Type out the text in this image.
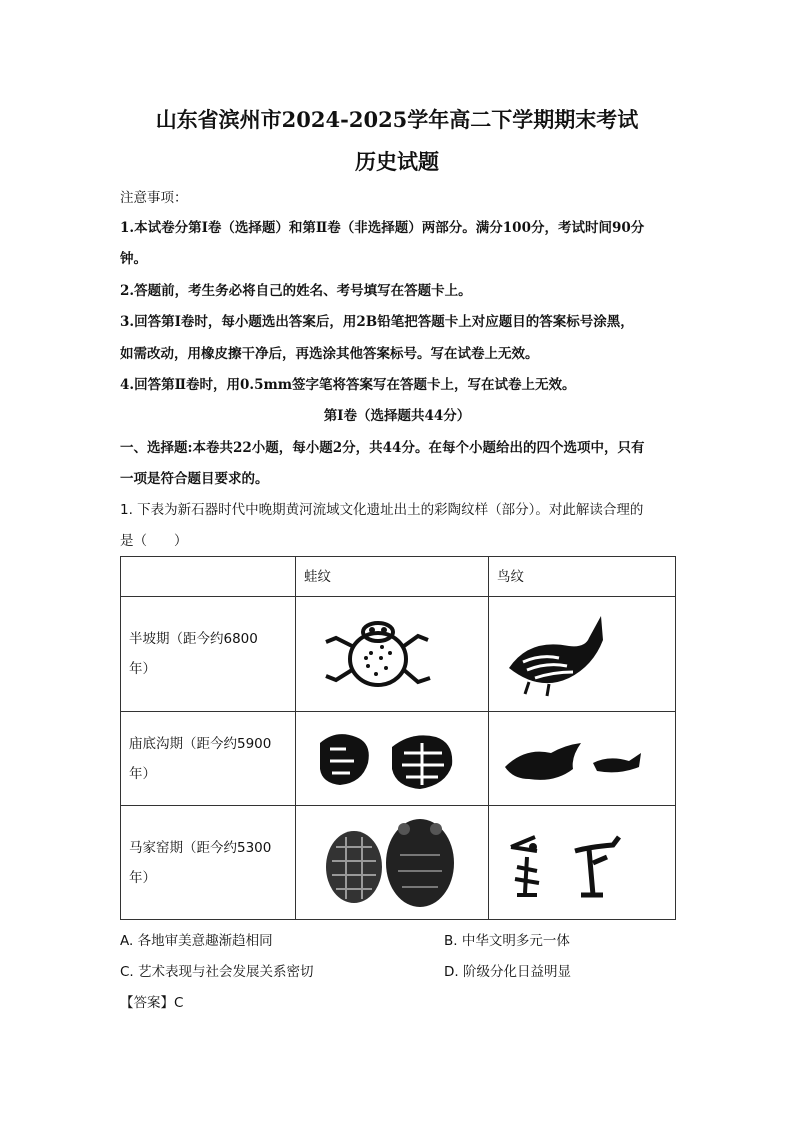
山东省滨州市2024-2025学年高二下学期期末考试
历史试题
注意事项：
1.本试卷分第Ⅰ卷（选择题）和第Ⅱ卷（非选择题）两部分。满分100分，考试时间90分
钟。
2.答题前，考生务必将自己的姓名、考号填写在答题卡上。
3.回答第Ⅰ卷时，每小题选出答案后，用2B铅笔把答题卡上对应题目的答案标号涂黑，
如需改动，用橡皮擦干净后，再选涂其他答案标号。写在试卷上无效。
4.回答第Ⅱ卷时，用0.5mm签字笔将答案写在答题卡上，写在试卷上无效。
第Ⅰ卷（选择题共44分）
一、选择题:本卷共22小题，每小题2分，共44分。在每个小题给出的四个选项中，只有
一项是符合题目要求的。
1. 下表为新石器时代中晚期黄河流域文化遗址出土的彩陶纹样（部分）。对此解读合理的
是（　　）

	蛙纹	鸟纹

半坡期（距今约6800
年）

庙底沟期（距今约5900
年）

马家窑期（距今约5300
年）

A. 各地审美意趣渐趋相同	B. 中华文明多元一体
C. 艺术表现与社会发展关系密切	D. 阶级分化日益明显
【答案】C
